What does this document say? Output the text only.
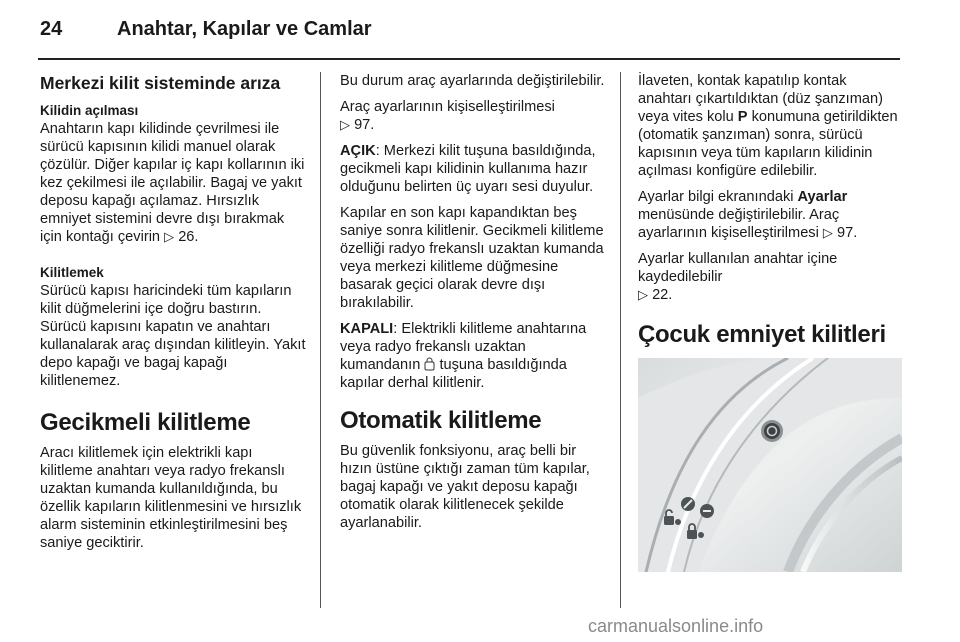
24	Anahtar, Kapılar ve Camlar
Merkezi kilit sisteminde arıza
Kilidin açılması

Anahtarın kapı kilidinde çevrilmesi ile sürücü kapısının kilidi manuel olarak çözülür. Diğer kapılar iç kapı kollarının iki kez çekilmesi ile açılabilir. Bagaj ve yakıt deposu kapağı açılamaz. Hırsızlık emniyet sistemini devre dışı bırakmak için kontağı çevirin ▷ 26.

Kilitlemek

Sürücü kapısı haricindeki tüm kapıların kilit düğmelerini içe doğru bastırın. Sürücü kapısını kapatın ve anahtarı kullanalarak araç dışından kilitleyin. Yakıt depo kapağı ve bagaj kapağı kilitlenemez.

Gecikmeli kilitleme

Aracı kilitlemek için elektrikli kapı kilitleme anahtarı veya radyo frekanslı uzaktan kumanda kullanıldığında, bu özellik kapıların kilitlenmesini ve hırsızlık alarm sisteminin etkinleştirilmesini beş saniye geciktirir.

Bu durum araç ayarlarında değiştirilebilir.

Araç ayarlarının kişiselleştirilmesi
▷ 97.

AÇIK: Merkezi kilit tuşuna basıldığında, gecikmeli kapı kilidinin kullanıma hazır olduğunu belirten üç uyarı sesi duyulur.

Kapılar en son kapı kapandıktan beş saniye sonra kilitlenir. Gecikmeli kilitleme özelliği radyo frekanslı uzaktan kumanda veya merkezi kilitleme düğmesine basarak geçici olarak devre dışı bırakılabilir.

KAPALI: Elektrikli kilitleme anahtarına veya radyo frekanslı uzaktan kumandanın tuşuna basıldığında kapılar derhal kilitlenir.

Otomatik kilitleme

Bu güvenlik fonksiyonu, araç belli bir hızın üstüne çıktığı zaman tüm kapılar, bagaj kapağı ve yakıt deposu kapağı otomatik olarak kilitlenecek şekilde ayarlanabilir.

İlaveten, kontak kapatılıp kontak anahtarı çıkartıldıktan (düz şanzıman) veya vites kolu P konumuna getirildikten (otomatik şanzıman) sonra, sürücü kapısının veya tüm kapıların kilidinin açılması konfigüre edilebilir.

Ayarlar bilgi ekranındaki Ayarlar menüsünde değiştirilebilir. Araç ayarlarının kişiselleştirilmesi ▷ 97.

Ayarlar kullanılan anahtar içine kaydedilebilir
▷ 22.

Çocuk emniyet kilitleri
carmanualsonline.info
